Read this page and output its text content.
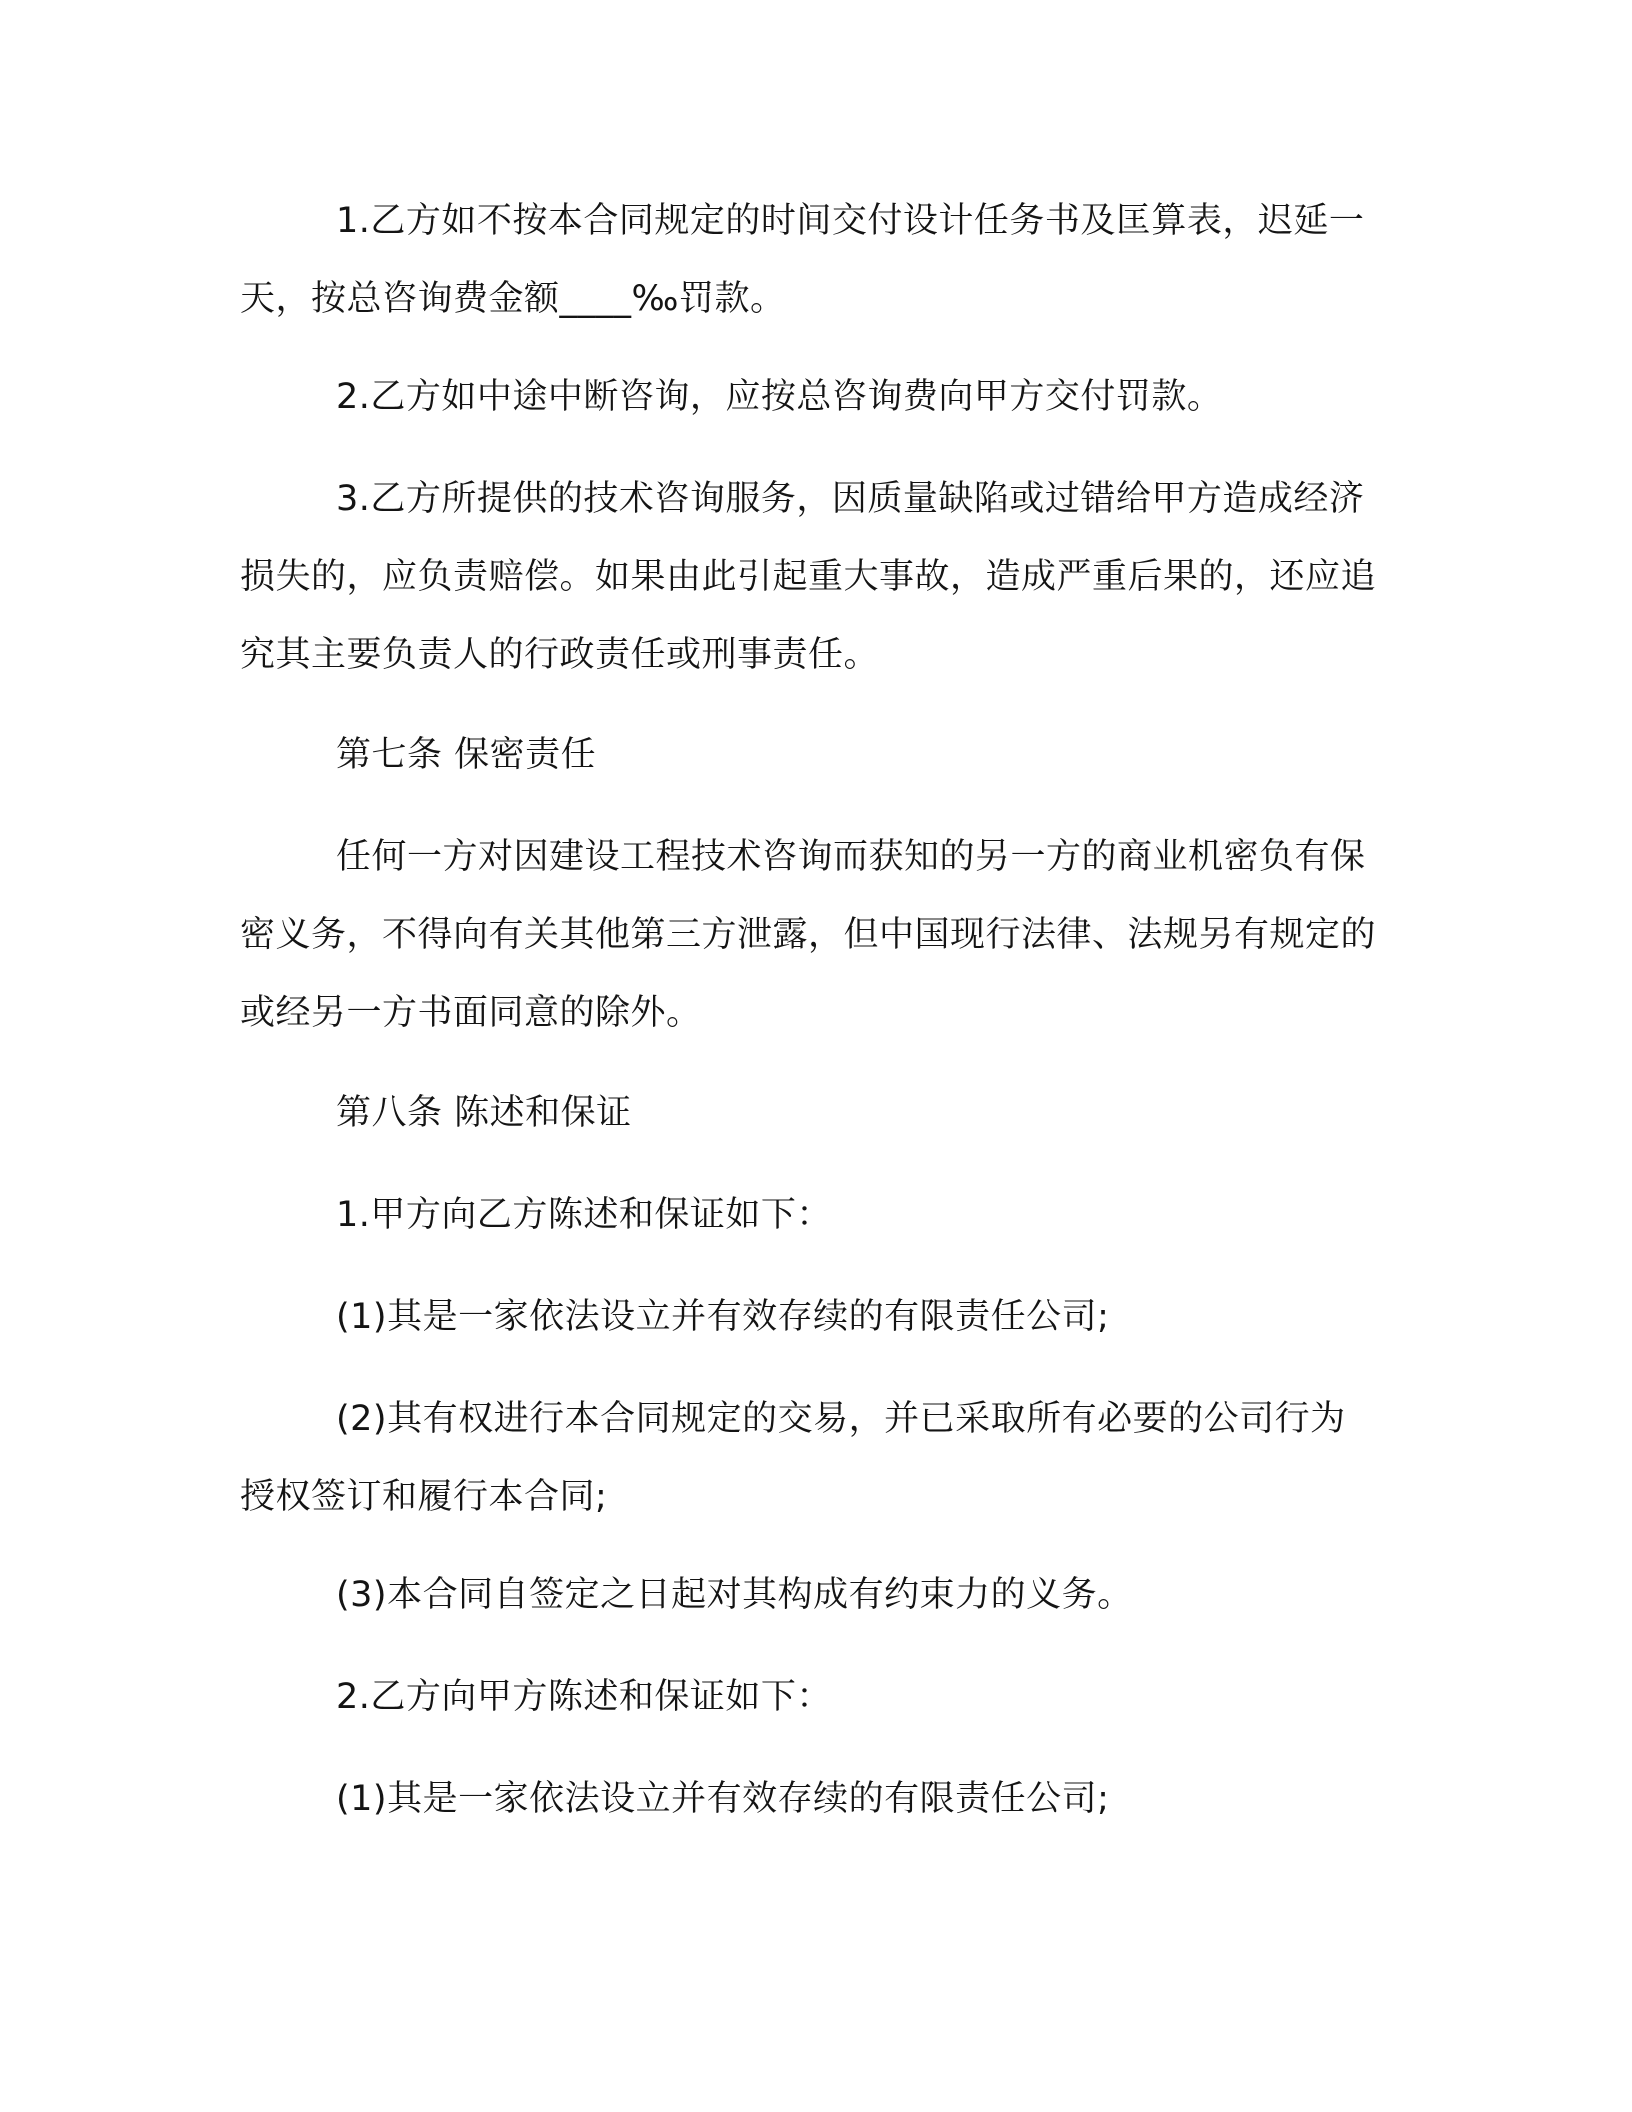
1.乙方如不按本合同规定的时间交付设计任务书及匡算表，迟延一天，按总咨询费金额____‰罚款。

2.乙方如中途中断咨询，应按总咨询费向甲方交付罚款。

3.乙方所提供的技术咨询服务，因质量缺陷或过错给甲方造成经济损失的，应负责赔偿。如果由此引起重大事故，造成严重后果的，还应追究其主要负责人的行政责任或刑事责任。

第七条 保密责任

任何一方对因建设工程技术咨询而获知的另一方的商业机密负有保密义务，不得向有关其他第三方泄露，但中国现行法律、法规另有规定的或经另一方书面同意的除外。

第八条 陈述和保证

1.甲方向乙方陈述和保证如下：

(1)其是一家依法设立并有效存续的有限责任公司;

(2)其有权进行本合同规定的交易，并已采取所有必要的公司行为授权签订和履行本合同;

(3)本合同自签定之日起对其构成有约束力的义务。

2.乙方向甲方陈述和保证如下：

(1)其是一家依法设立并有效存续的有限责任公司;
